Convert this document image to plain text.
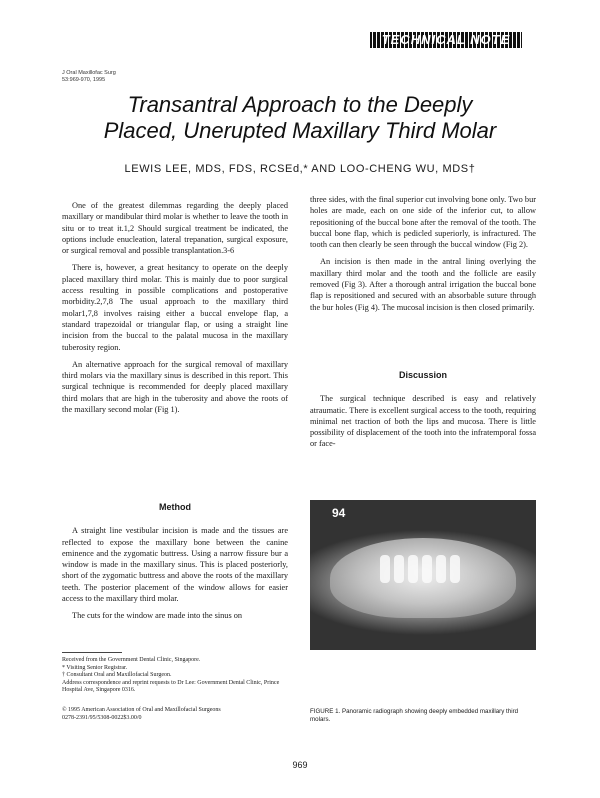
TECHNICAL NOTE
J Oral Maxillofac Surg
53:969-970, 1995
Transantral Approach to the Deeply
Placed, Unerupted Maxillary Third Molar
LEWIS LEE, MDS, FDS, RCSEd,* AND LOO-CHENG WU, MDS†

One of the greatest dilemmas regarding the deeply placed maxillary or mandibular third molar is whether to leave the tooth in situ or to treat it.1,2 Should surgical treatment be indicated, the options include enucleation, lateral trepanation, surgical exposure, or surgical removal and possible transplantation.3-6

There is, however, a great hesitancy to operate on the deeply placed maxillary third molar. This is mainly due to poor surgical access resulting in possible complications and postoperative morbidity.2,7,8 The usual approach to the maxillary third molar1,7,8 involves raising either a buccal envelope flap, a standard trapezoidal or triangular flap, or using a straight line incision from the buccal to the palatal mucosa in the maxillary tuberosity region.

An alternative approach for the surgical removal of maxillary third molars via the maxillary sinus is described in this report. This surgical technique is recommended for deeply placed maxillary third molars that are high in the tuberosity and above the roots of the maxillary second molar (Fig 1).

Method

A straight line vestibular incision is made and the tissues are reflected to expose the maxillary bone between the canine eminence and the zygomatic buttress. Using a narrow fissure bur a window is made in the maxillary sinus. This is placed posteriorly, short of the zygomatic buttress and above the roots of the maxillary teeth. The posterior placement of the window allows for easier access to the maxillary third molar.

The cuts for the window are made into the sinus on

three sides, with the final superior cut involving bone only. Two bur holes are made, each on one side of the inferior cut, to allow repositioning of the buccal bone after the removal of the tooth. The buccal bone flap, which is pedicled superiorly, is infractured. The tooth can then clearly be seen through the buccal window (Fig 2).

An incision is then made in the antral lining overlying the maxillary third molar and the tooth and the follicle are easily removed (Fig 3). After a thorough antral irrigation the buccal bone flap is repositioned and secured with an absorbable suture through the bur holes (Fig 4). The mucosal incision is then closed primarily.

Discussion

The surgical technique described is easy and relatively atraumatic. There is excellent surgical access to the tooth, requiring minimal net traction of both the lips and mucosa. There is little possibility of displacement of the tooth into the infratemporal fossa or face-

Received from the Government Dental Clinic, Singapore.
* Visiting Senior Registrar.
† Consultant Oral and Maxillofacial Surgeon.
Address correspondence and reprint requests to Dr Lee: Government Dental Clinic, Prince Hospital Ave, Singapore 0316.
© 1995 American Association of Oral and Maxillofacial Surgeons
0278-2391/95/5308-0022$3.00/0
94
FIGURE 1. Panoramic radiograph showing deeply embedded maxillary third molars.
969
